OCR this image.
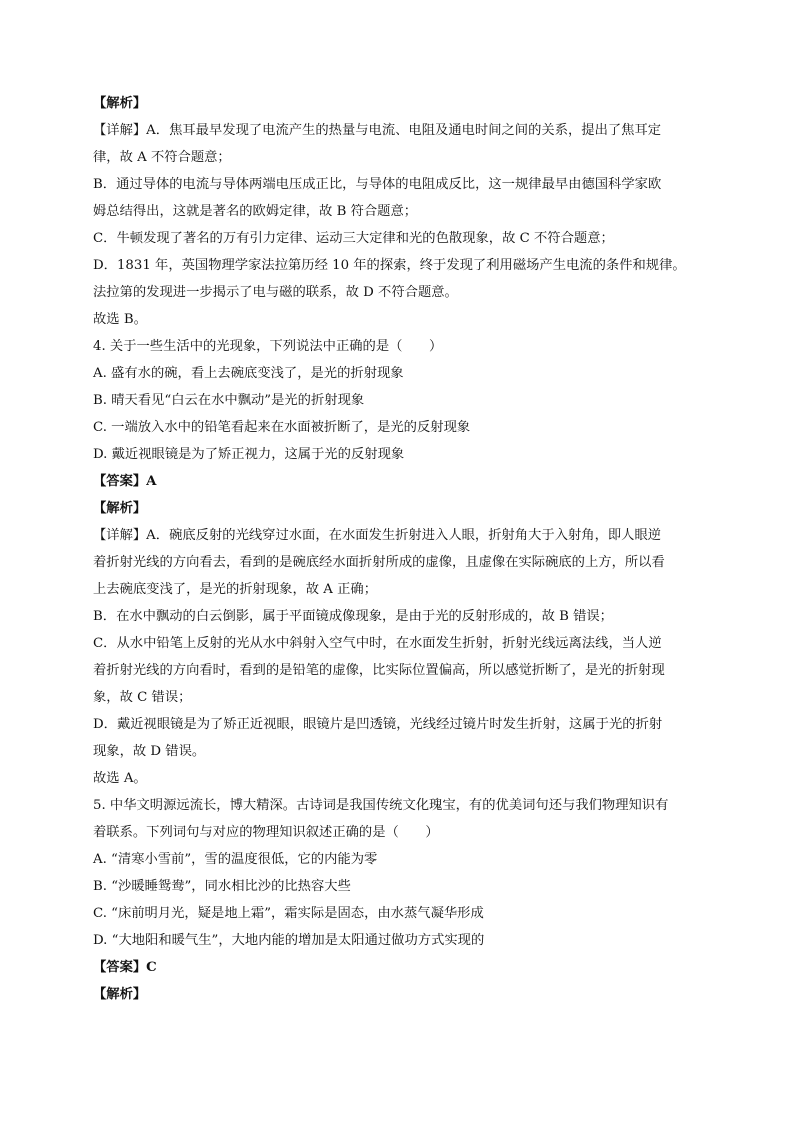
【解析】
【详解】A．焦耳最早发现了电流产生的热量与电流、电阻及通电时间之间的关系，提出了焦耳定
律，故 A 不符合题意；
B．通过导体的电流与导体两端电压成正比，与导体的电阻成反比，这一规律最早由德国科学家欧
姆总结得出，这就是著名的欧姆定律，故 B 符合题意；
C．牛顿发现了著名的万有引力定律、运动三大定律和光的色散现象，故 C 不符合题意；
D．1831 年，英国物理学家法拉第历经 10 年的探索，终于发现了利用磁场产生电流的条件和规律。
法拉第的发现进一步揭示了电与磁的联系，故 D 不符合题意。
故选 B。
4. 关于一些生活中的光现象，下列说法中正确的是（　　）
A. 盛有水的碗，看上去碗底变浅了，是光的折射现象
B. 晴天看见“白云在水中飘动”是光的折射现象
C. 一端放入水中的铅笔看起来在水面被折断了，是光的反射现象
D. 戴近视眼镜是为了矫正视力，这属于光的反射现象
【答案】A
【解析】
【详解】A．碗底反射的光线穿过水面，在水面发生折射进入人眼，折射角大于入射角，即人眼逆
着折射光线的方向看去，看到的是碗底经水面折射所成的虚像，且虚像在实际碗底的上方，所以看
上去碗底变浅了，是光的折射现象，故 A 正确；
B．在水中飘动的白云倒影，属于平面镜成像现象，是由于光的反射形成的，故 B 错误；
C．从水中铅笔上反射的光从水中斜射入空气中时，在水面发生折射，折射光线远离法线，当人逆
着折射光线的方向看时，看到的是铅笔的虚像，比实际位置偏高，所以感觉折断了，是光的折射现
象，故 C 错误；
D．戴近视眼镜是为了矫正近视眼，眼镜片是凹透镜，光线经过镜片时发生折射，这属于光的折射
现象，故 D 错误。
故选 A。
5. 中华文明源远流长，博大精深。古诗词是我国传统文化瑰宝，有的优美词句还与我们物理知识有
着联系。下列词句与对应的物理知识叙述正确的是（　　）
A. “清寒小雪前”，雪的温度很低，它的内能为零
B. “沙暖睡鸳鸯”，同水相比沙的比热容大些
C. “床前明月光，疑是地上霜”，霜实际是固态，由水蒸气凝华形成
D. “大地阳和暖气生”，大地内能的增加是太阳通过做功方式实现的
【答案】C
【解析】
